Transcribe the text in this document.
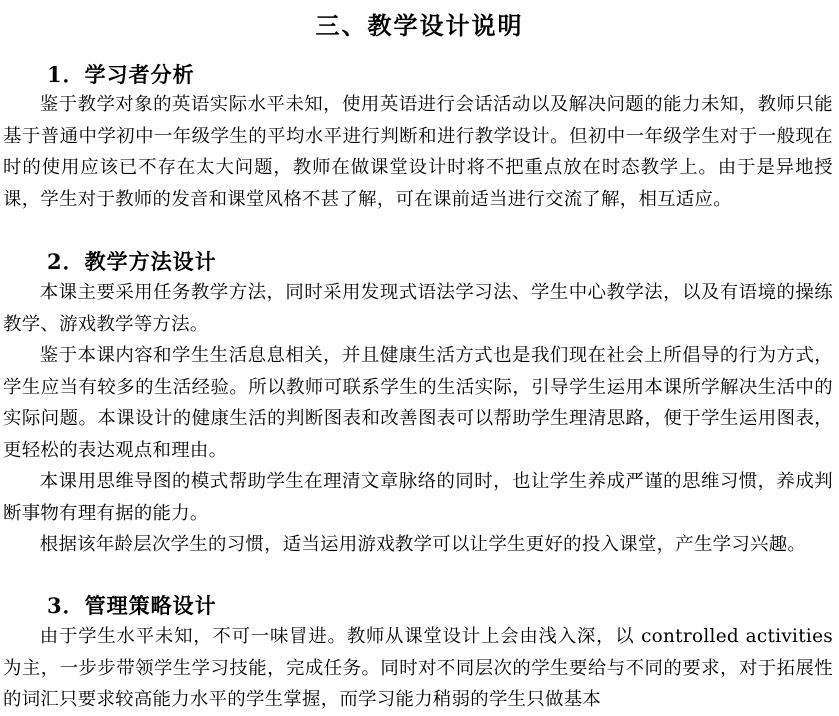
三、教学设计说明
1．学习者分析

鉴于教学对象的英语实际水平未知，使用英语进行会话活动以及解决问题的能力未知，教师只能基于普通中学初中一年级学生的平均水平进行判断和进行教学设计。但初中一年级学生对于一般现在时的使用应该已不存在太大问题，教师在做课堂设计时将不把重点放在时态教学上。由于是异地授课，学生对于教师的发音和课堂风格不甚了解，可在课前适当进行交流了解，相互适应。

2．教学方法设计

本课主要采用任务教学方法，同时采用发现式语法学习法、学生中心教学法，以及有语境的操练教学、游戏教学等方法。

鉴于本课内容和学生生活息息相关，并且健康生活方式也是我们现在社会上所倡导的行为方式，学生应当有较多的生活经验。所以教师可联系学生的生活实际，引导学生运用本课所学解决生活中的实际问题。本课设计的健康生活的判断图表和改善图表可以帮助学生理清思路，便于学生运用图表，更轻松的表达观点和理由。

本课用思维导图的模式帮助学生在理清文章脉络的同时，也让学生养成严谨的思维习惯，养成判断事物有理有据的能力。

根据该年龄层次学生的习惯，适当运用游戏教学可以让学生更好的投入课堂，产生学习兴趣。

3．管理策略设计

由于学生水平未知，不可一味冒进。教师从课堂设计上会由浅入深，以 controlled activities 为主，一步步带领学生学习技能，完成任务。同时对不同层次的学生要给与不同的要求，对于拓展性的词汇只要求较高能力水平的学生掌握，而学习能力稍弱的学生只做基本
